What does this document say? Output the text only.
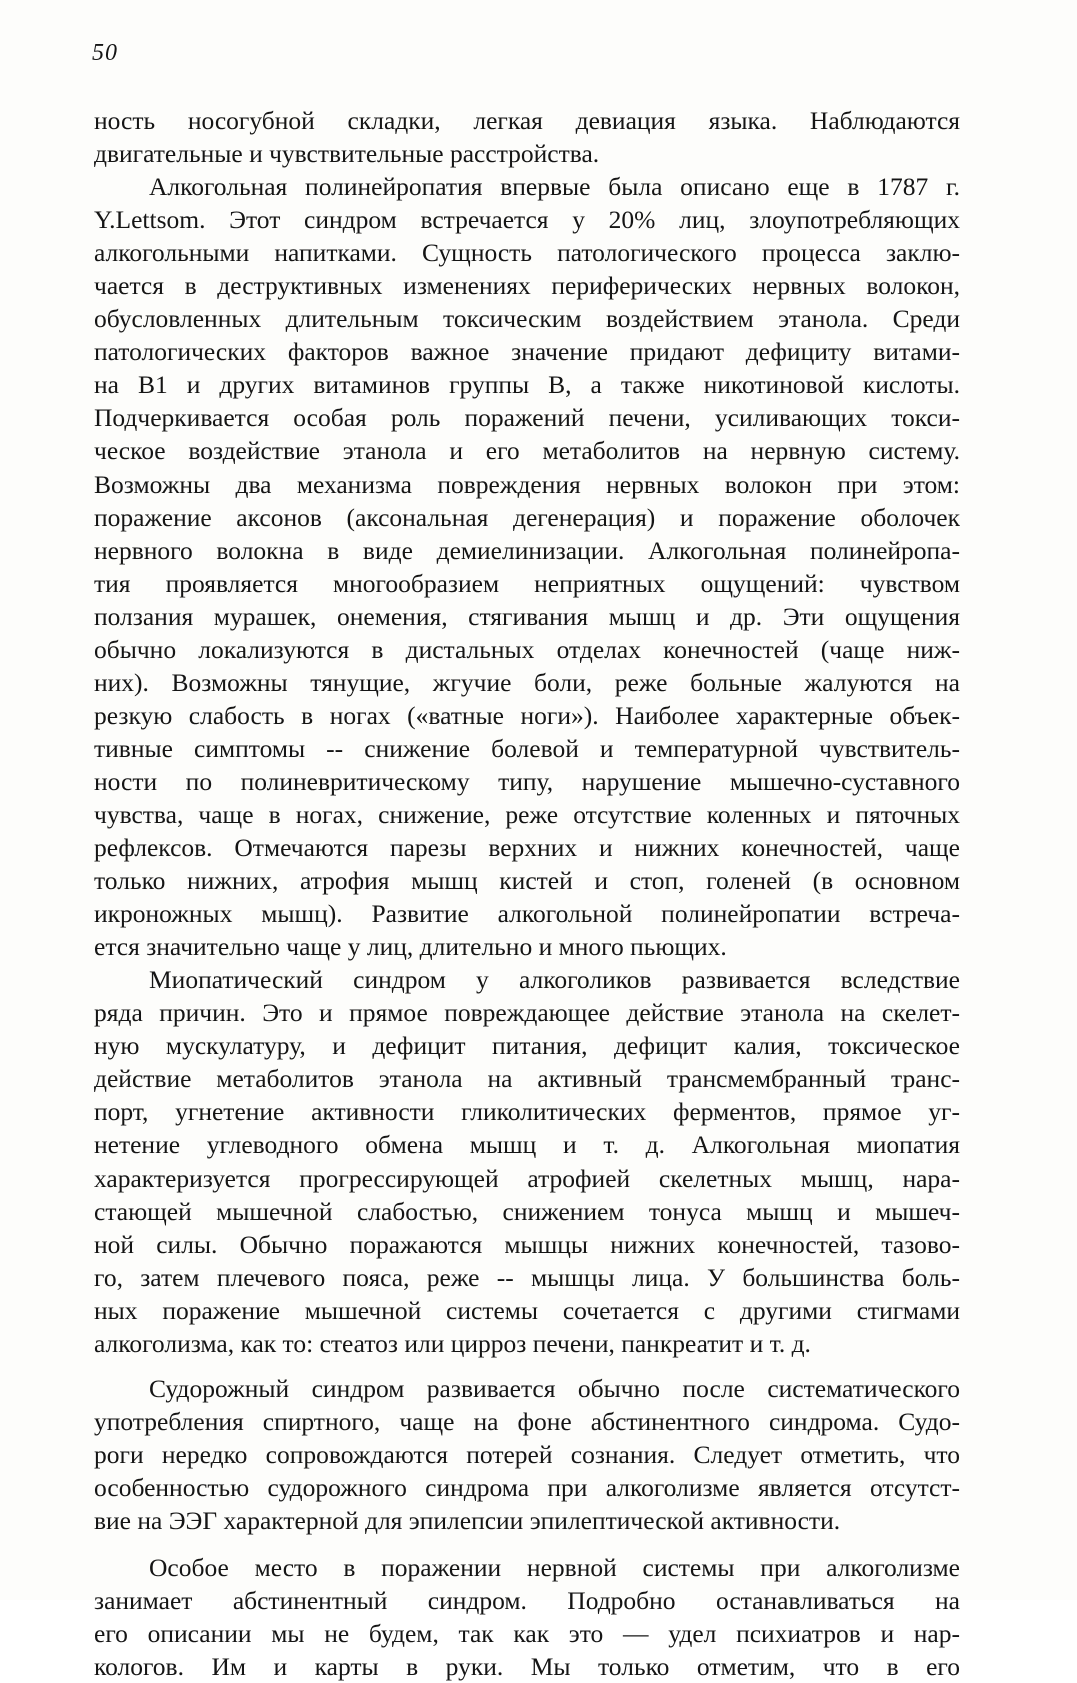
50
ность носогубной складки, легкая девиация языка. Наблюдаются
двигательные и чувствительные расстройства.
Алкогольная полинейропатия впервые была описано еще в 1787 г.
Y.Lettsom. Этот синдром встречается у 20% лиц, злоупотребляющих
алкогольными напитками. Сущность патологического процесса заклю-
чается в деструктивных изменениях периферических нервных волокон,
обусловленных длительным токсическим воздействием этанола. Среди
патологических факторов важное значение придают дефициту витами-
на B1 и других витаминов группы В, а также никотиновой кислоты.
Подчеркивается особая роль поражений печени, усиливающих токси-
ческое воздействие этанола и его метаболитов на нервную систему.
Возможны два механизма повреждения нервных волокон при этом:
поражение аксонов (аксональная дегенерация) и поражение оболочек
нервного волокна в виде демиелинизации. Алкогольная полинейропа-
тия проявляется многообразием неприятных ощущений: чувством
ползания мурашек, онемения, стягивания мышц и др. Эти ощущения
обычно локализуются в дистальных отделах конечностей (чаще ниж-
них). Возможны тянущие, жгучие боли, реже больные жалуются на
резкую слабость в ногах («ватные ноги»). Наиболее характерные объек-
тивные симптомы -- снижение болевой и температурной чувствитель-
ности по полиневритическому типу, нарушение мышечно-суставного
чувства, чаще в ногах, снижение, реже отсутствие коленных и пяточных
рефлексов. Отмечаются парезы верхних и нижних конечностей, чаще
только нижних, атрофия мышц кистей и стоп, голеней (в основном
икроножных мышц). Развитие алкогольной полинейропатии встреча-
ется значительно чаще у лиц, длительно и много пьющих.
Миопатический синдром у алкоголиков развивается вследствие
ряда причин. Это и прямое повреждающее действие этанола на скелет-
ную мускулатуру, и дефицит питания, дефицит калия, токсическое
действие метаболитов этанола на активный трансмембранный транс-
порт, угнетение активности гликолитических ферментов, прямое уг-
нетение углеводного обмена мышц и т. д. Алкогольная миопатия
характеризуется прогрессирующей атрофией скелетных мышц, нара-
стающей мышечной слабостью, снижением тонуса мышц и мышеч-
ной силы. Обычно поражаются мышцы нижних конечностей, тазово-
го, затем плечевого пояса, реже -- мышцы лица. У большинства боль-
ных поражение мышечной системы сочетается с другими стигмами
алкоголизма, как то: стеатоз или цирроз печени, панкреатит и т. д.
Судорожный синдром развивается обычно после систематического
употребления спиртного, чаще на фоне абстинентного синдрома. Судо-
роги нередко сопровождаются потерей сознания. Следует отметить, что
особенностью судорожного синдрома при алкоголизме является отсутст-
вие на ЭЭГ характерной для эпилепсии эпилептической активности.
Особое место в поражении нервной системы при алкоголизме
занимает абстинентный синдром. Подробно останавливаться на
его описании мы не будем, так как это — удел психиатров и нар-
кологов. Им и карты в руки. Мы только отметим, что в его
